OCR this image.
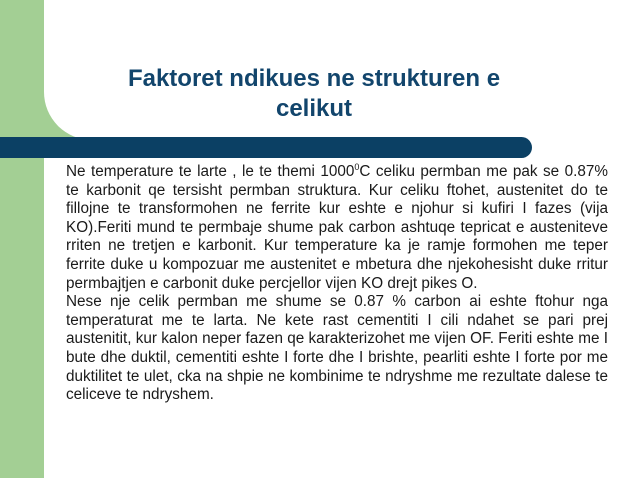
Faktoret ndikues ne strukturen e celikut

Ne temperature te larte , le te themi 1000$^0$C celiku permban me pak se 0.87% te karbonit qe tersisht permban struktura. Kur celiku ftohet, austenitet do te fillojne te transformohen ne ferrite kur eshte e njohur si kufiri I fazes (vija KO).Feriti mund te permbaje shume pak carbon ashtuqe tepricat e austeniteve rriten ne tretjen e karbonit. Kur temperature ka je ramje formohen me teper ferrite duke u kompozuar me austenitet e mbetura dhe njekohesisht duke rritur permbajtjen e carbonit duke percjellor vijen KO drejt pikes O.

Nese nje celik permban me shume se 0.87 % carbon ai eshte ftohur nga temperaturat me te larta. Ne kete rast cementiti I cili ndahet se pari prej austenitit, kur kalon neper fazen qe karakterizohet me vijen OF. Feriti eshte me I bute dhe duktil, cementiti eshte I forte dhe I brishte, pearliti eshte I forte por me duktilitet te ulet, cka na shpie ne kombinime te ndryshme me rezultate dalese te celiceve te ndryshem.
